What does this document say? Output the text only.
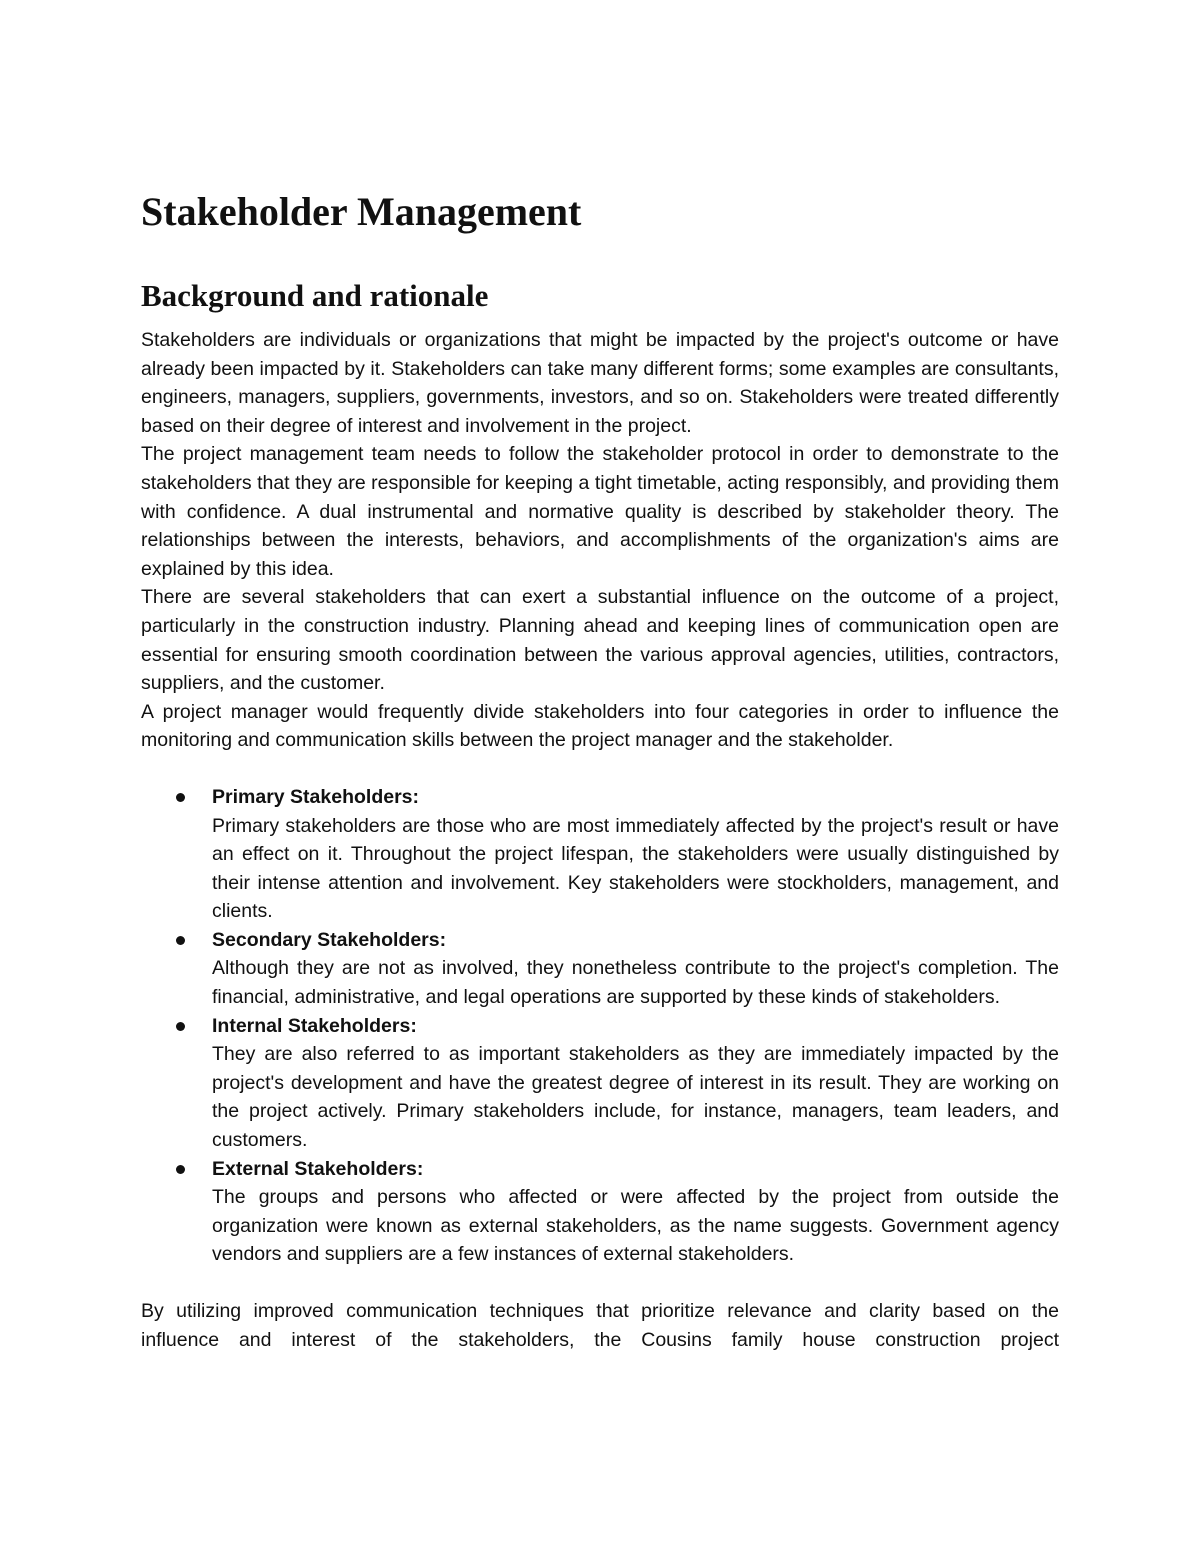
Stakeholder Management
Background and rationale

Stakeholders are individuals or organizations that might be impacted by the project's outcome or have already been impacted by it. Stakeholders can take many different forms; some examples are consultants, engineers, managers, suppliers, governments, investors, and so on. Stakeholders were treated differently based on their degree of interest and involvement in the project.

The project management team needs to follow the stakeholder protocol in order to demonstrate to the stakeholders that they are responsible for keeping a tight timetable, acting responsibly, and providing them with confidence. A dual instrumental and normative quality is described by stakeholder theory. The relationships between the interests, behaviors, and accomplishments of the organization's aims are explained by this idea.

There are several stakeholders that can exert a substantial influence on the outcome of a project, particularly in the construction industry. Planning ahead and keeping lines of communication open are essential for ensuring smooth coordination between the various approval agencies, utilities, contractors, suppliers, and the customer.

A project manager would frequently divide stakeholders into four categories in order to influence the monitoring and communication skills between the project manager and the stakeholder.

Primary Stakeholders:
Primary stakeholders are those who are most immediately affected by the project's result or have an effect on it. Throughout the project lifespan, the stakeholders were usually distinguished by their intense attention and involvement. Key stakeholders were stockholders, management, and clients.
Secondary Stakeholders:
Although they are not as involved, they nonetheless contribute to the project's completion. The financial, administrative, and legal operations are supported by these kinds of stakeholders.
Internal Stakeholders:
They are also referred to as important stakeholders as they are immediately impacted by the project's development and have the greatest degree of interest in its result. They are working on the project actively. Primary stakeholders include, for instance, managers, team leaders, and customers.
External Stakeholders:
The groups and persons who affected or were affected by the project from outside the organization were known as external stakeholders, as the name suggests. Government agency vendors and suppliers are a few instances of external stakeholders.

By utilizing improved communication techniques that prioritize relevance and clarity based on the influence and interest of the stakeholders, the Cousins family house construction project
